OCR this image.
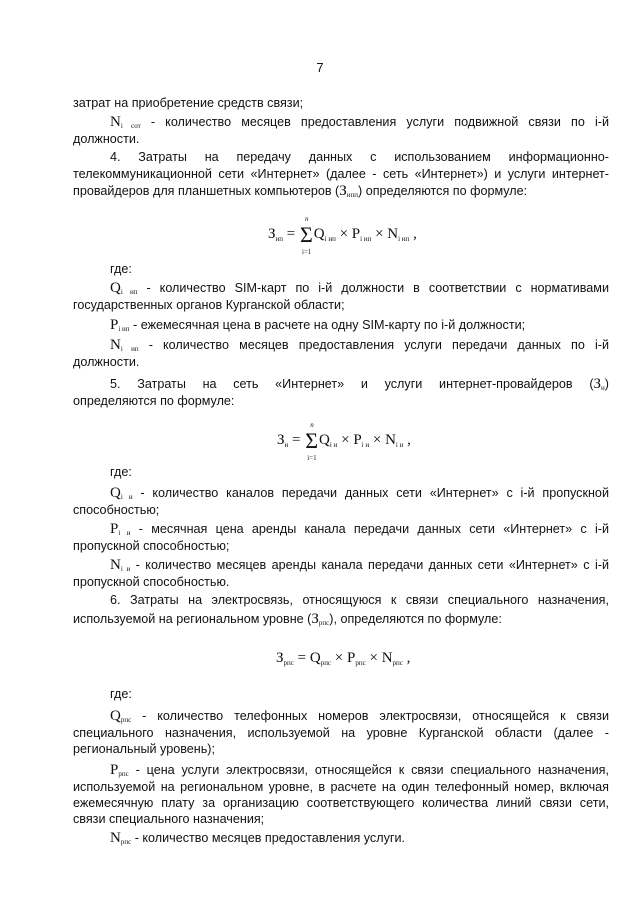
7
затрат на приобретение средств связи;
$N_{i сот}$ - количество месяцев предоставления услуги подвижной связи по i-й
должности.
4. Затраты на передачу данных с использованием информационно-
телекоммуникационной сети «Интернет» (далее - сеть «Интернет») и услуги интернет-
провайдеров для планшетных компьютеров $(З_{ипп})$ определяются по формуле:
$З_{ип} = \Sigma$
n
i=1
$Q_{i ип} \times P_{i ип} \times N_{i ип}$ ,
где:
$Q_{i ип}$ - количество SIM-карт по i-й должности в соответствии с нормативами
государственных органов Курганской области;
$P_{i ип}$ - ежемесячная цена в расчете на одну SIM-карту по i-й должности;
$N_{i ип}$ - количество месяцев предоставления услуги передачи данных по i-й
должности.
5. Затраты на сеть «Интернет» и услуги интернет-провайдеров $(З_и)$
определяются по формуле:
$З_и = \Sigma$
n
i=1
$Q_{i и} \times P_{i и} \times N_{i и}$ ,
где:
$Q_{i и}$ - количество каналов передачи данных сети «Интернет» с i-й пропускной
способностью;
$P_{i и}$ - месячная цена аренды канала передачи данных сети «Интернет» с i-й
пропускной способностью;
$N_{i и}$ - количество месяцев аренды канала передачи данных сети «Интернет» с i-й
пропускной способностью.
6. Затраты на электросвязь, относящуюся к связи специального назначения,
используемой на региональном уровне $(З_{рпс})$, определяются по формуле:
$З_{рпс} = Q_{рпс} \times P_{рпс} \times N_{рпс}$ ,
где:
$Q_{рпс}$ - количество телефонных номеров электросвязи, относящейся к связи
специального назначения, используемой на уровне Курганской области (далее -
региональный уровень);
$P_{рпс}$ - цена услуги электросвязи, относящейся к связи специального назначения,
используемой на региональном уровне, в расчете на один телефонный номер, включая
ежемесячную плату за организацию соответствующего количества линий связи сети,
связи специального назначения;
$N_{рпс}$ - количество месяцев предоставления услуги.
